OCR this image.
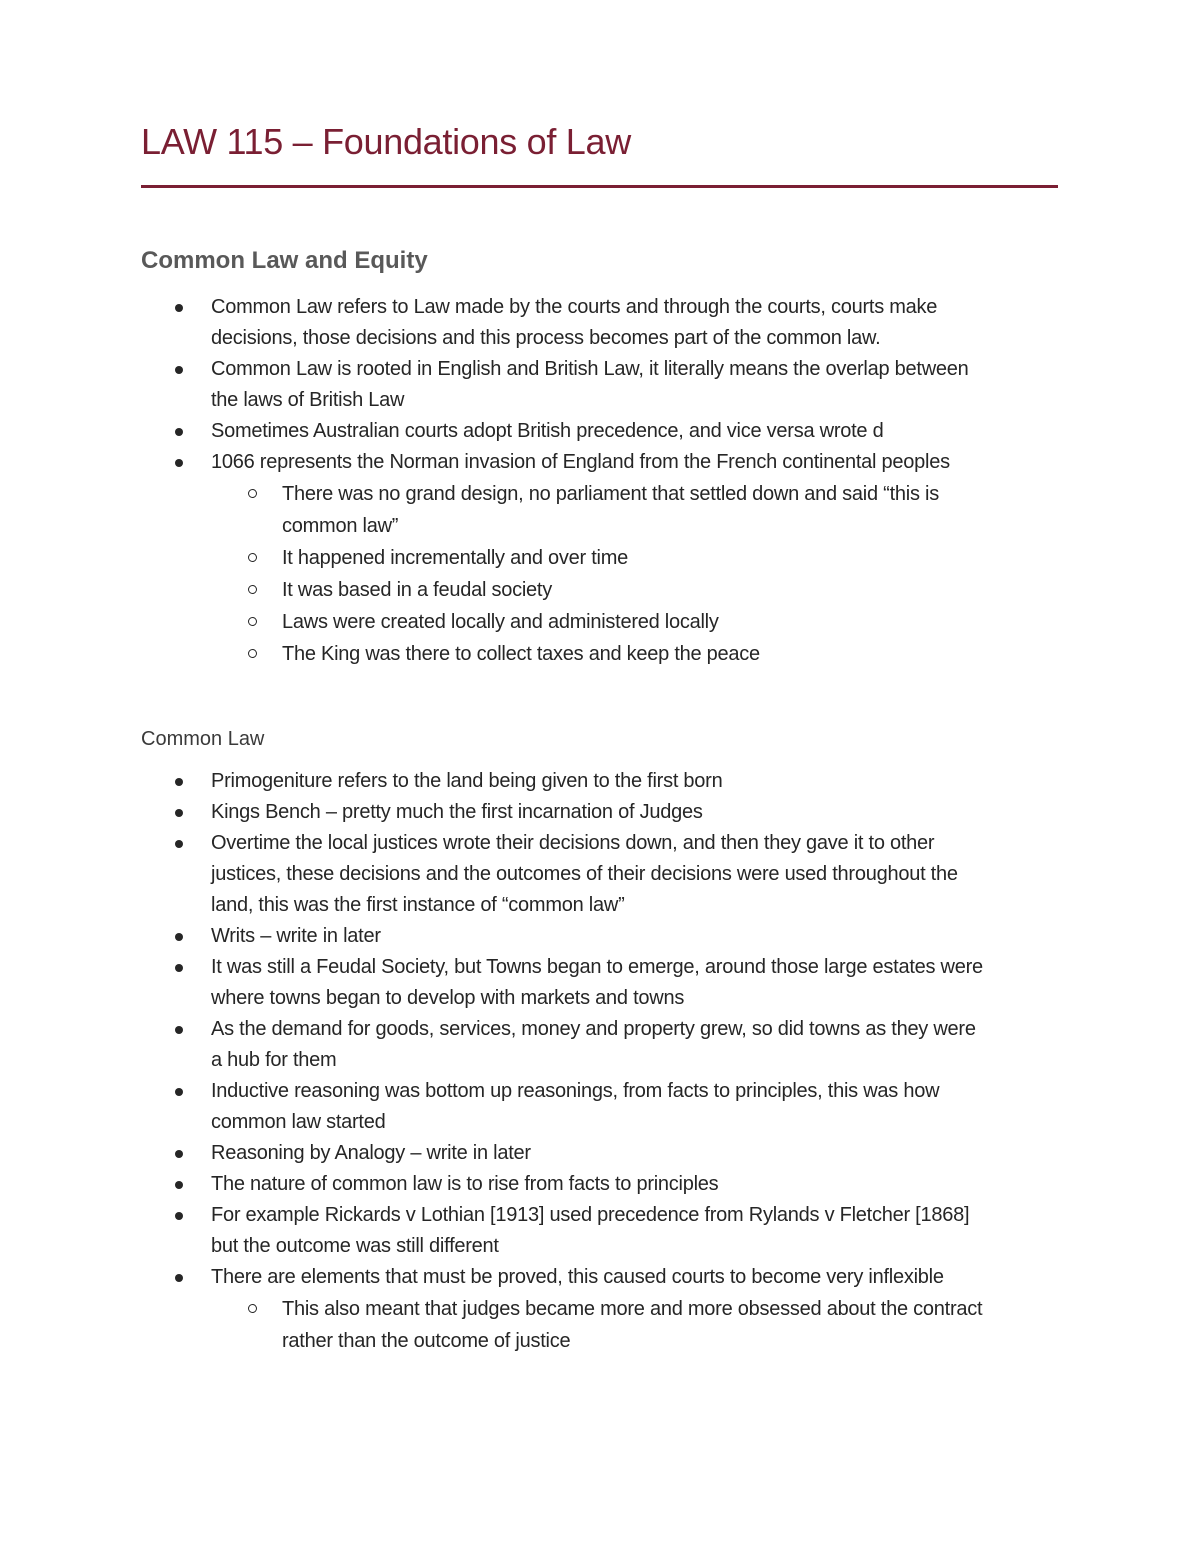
LAW 115 – Foundations of Law
Common Law and Equity
Common Law refers to Law made by the courts and through the courts, courts make
decisions, those decisions and this process becomes part of the common law.
Common Law is rooted in English and British Law, it literally means the overlap between
the laws of British Law
Sometimes Australian courts adopt British precedence, and vice versa wrote d
1066 represents the Norman invasion of England from the French continental peoples
There was no grand design, no parliament that settled down and said “this is
common law”
It happened incrementally and over time
It was based in a feudal society
Laws were created locally and administered locally
The King was there to collect taxes and keep the peace
Common Law
Primogeniture refers to the land being given to the first born
Kings Bench – pretty much the first incarnation of Judges
Overtime the local justices wrote their decisions down, and then they gave it to other
justices, these decisions and the outcomes of their decisions were used throughout the
land, this was the first instance of “common law”
Writs – write in later
It was still a Feudal Society, but Towns began to emerge, around those large estates were
where towns began to develop with markets and towns
As the demand for goods, services, money and property grew, so did towns as they were
a hub for them
Inductive reasoning was bottom up reasonings, from facts to principles, this was how
common law started
Reasoning by Analogy – write in later
The nature of common law is to rise from facts to principles
For example Rickards v Lothian [1913] used precedence from Rylands v Fletcher [1868]
but the outcome was still different
There are elements that must be proved, this caused courts to become very inflexible
This also meant that judges became more and more obsessed about the contract
rather than the outcome of justice
